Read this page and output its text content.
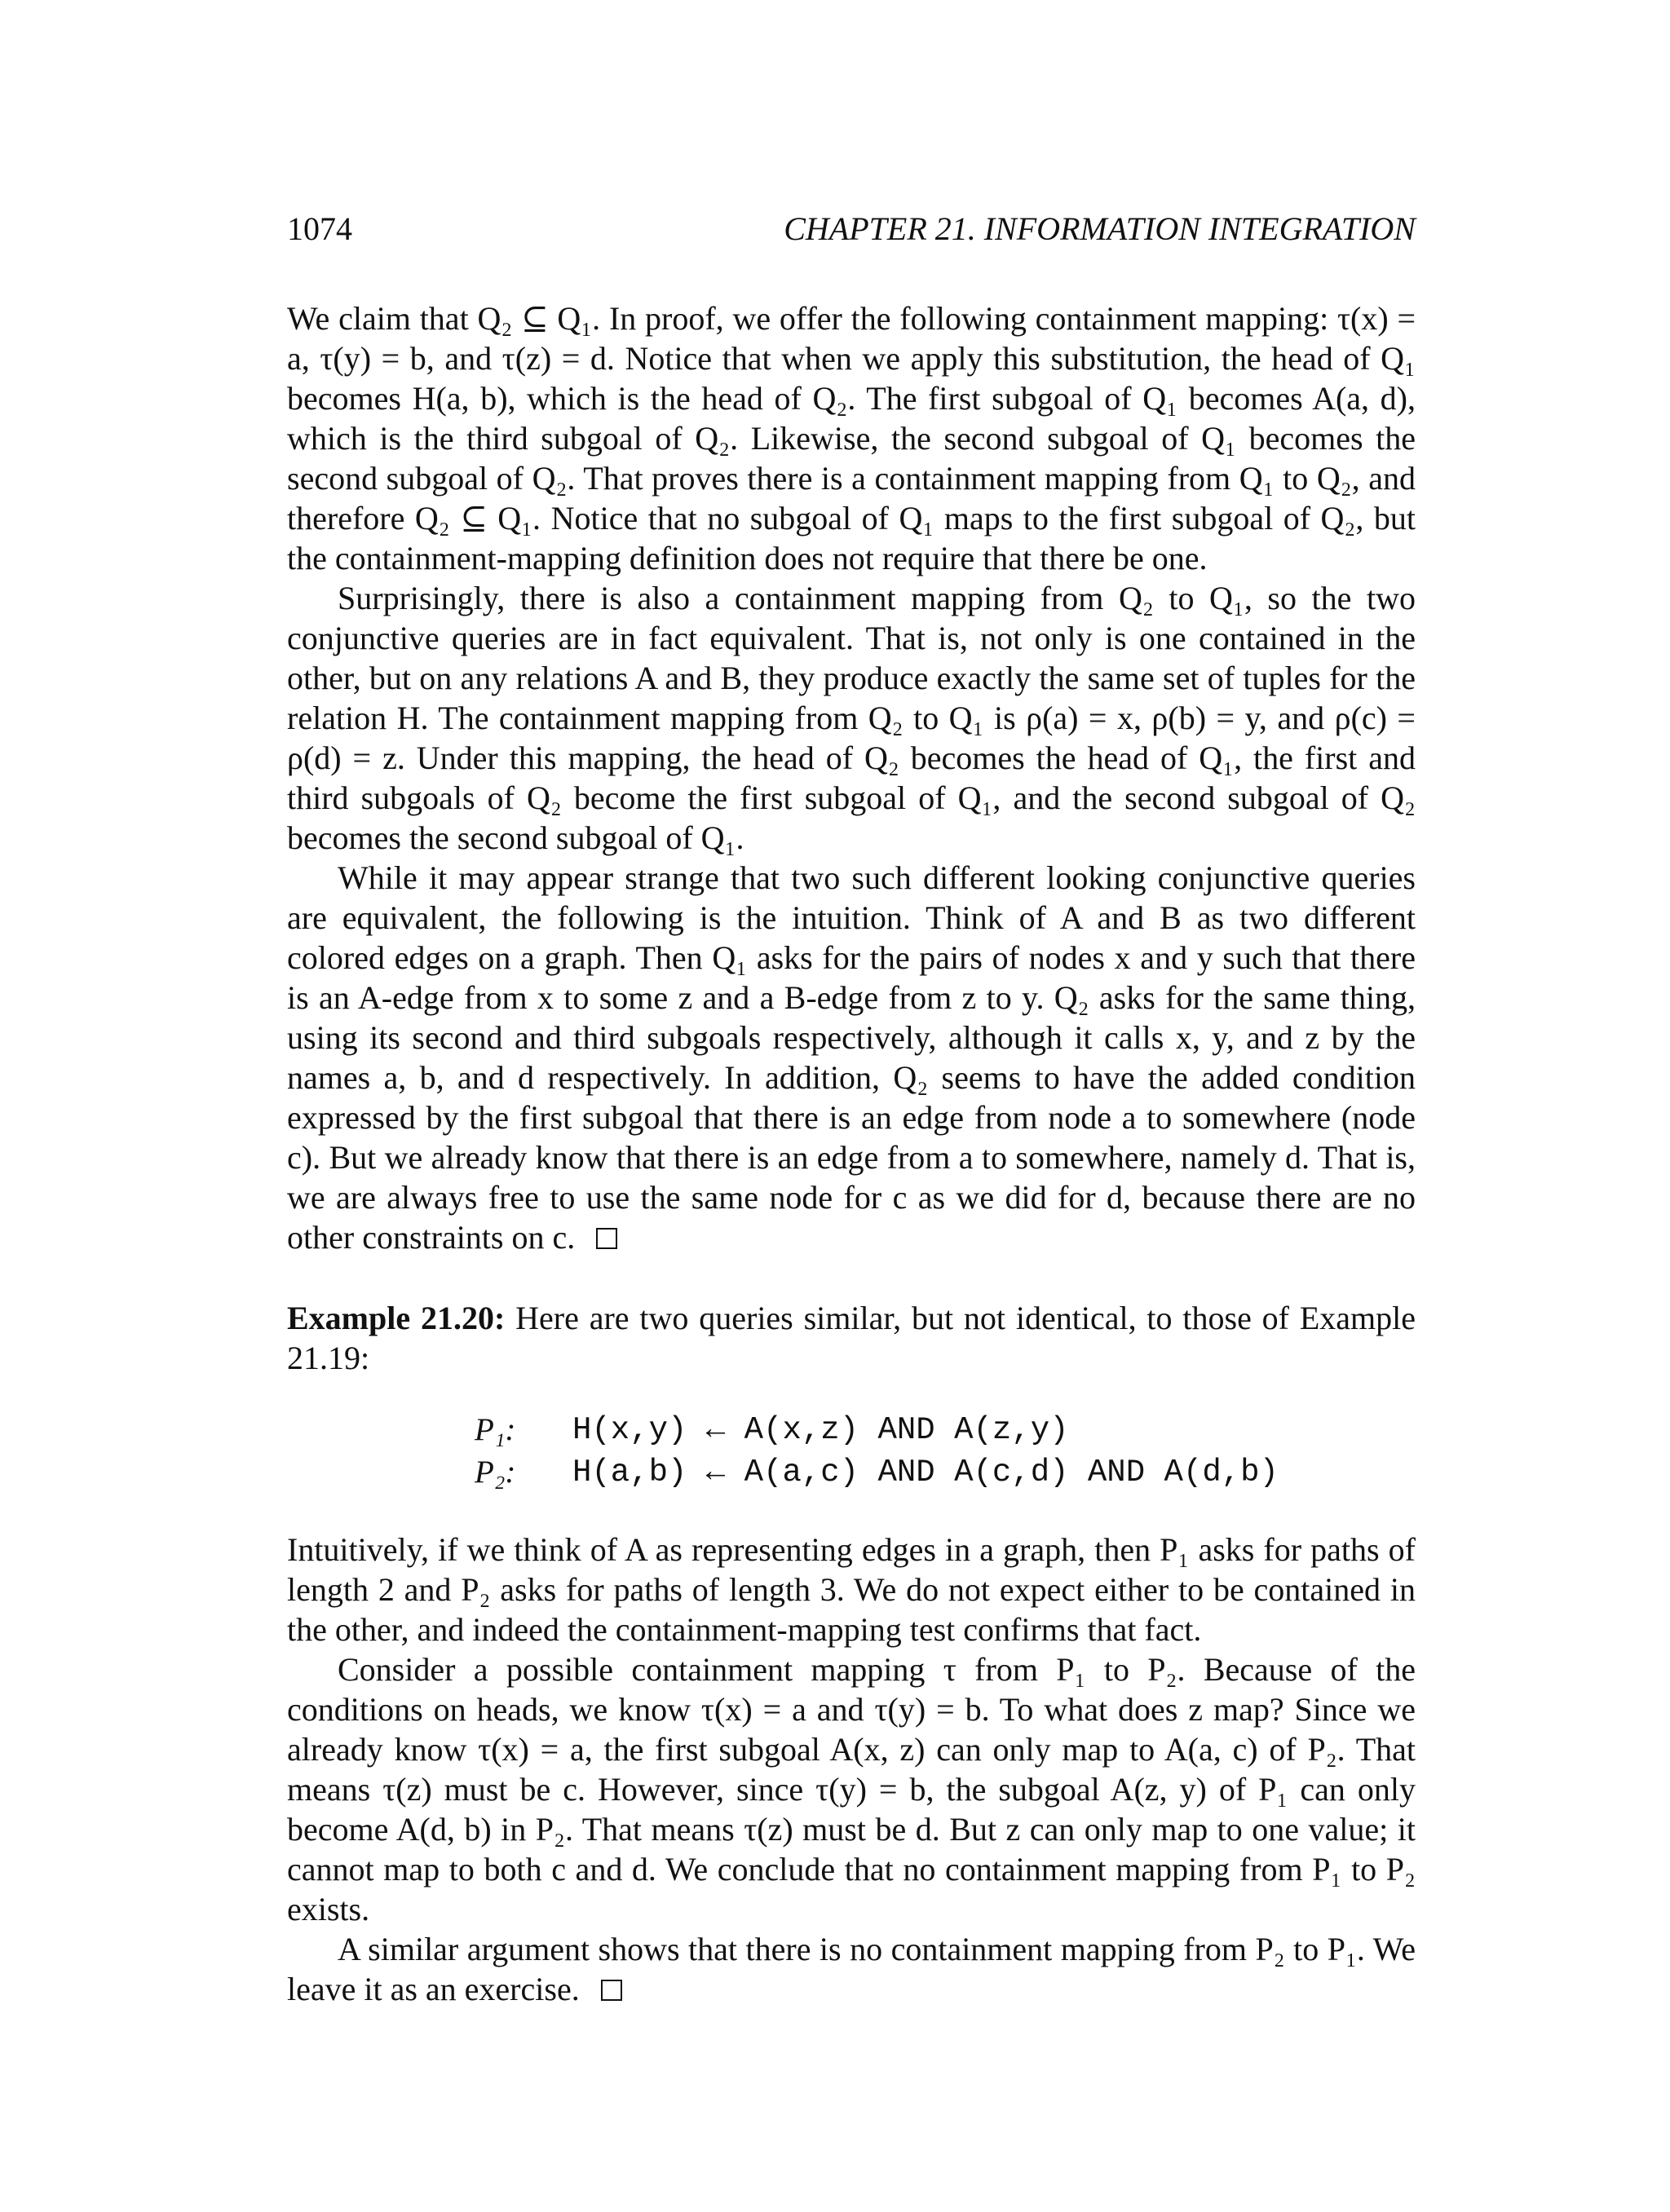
1074	CHAPTER 21. INFORMATION INTEGRATION

We claim that Q₂ ⊆ Q₁. In proof, we offer the following containment mapping: τ(x) = a, τ(y) = b, and τ(z) = d. Notice that when we apply this substitution, the head of Q₁ becomes H(a, b), which is the head of Q₂. The first subgoal of Q₁ becomes A(a, d), which is the third subgoal of Q₂. Likewise, the second subgoal of Q₁ becomes the second subgoal of Q₂. That proves there is a containment mapping from Q₁ to Q₂, and therefore Q₂ ⊆ Q₁. Notice that no subgoal of Q₁ maps to the first subgoal of Q₂, but the containment-mapping definition does not require that there be one.

Surprisingly, there is also a containment mapping from Q₂ to Q₁, so the two conjunctive queries are in fact equivalent. That is, not only is one contained in the other, but on any relations A and B, they produce exactly the same set of tuples for the relation H. The containment mapping from Q₂ to Q₁ is ρ(a) = x, ρ(b) = y, and ρ(c) = ρ(d) = z. Under this mapping, the head of Q₂ becomes the head of Q₁, the first and third subgoals of Q₂ become the first subgoal of Q₁, and the second subgoal of Q₂ becomes the second subgoal of Q₁.

While it may appear strange that two such different looking conjunctive queries are equivalent, the following is the intuition. Think of A and B as two different colored edges on a graph. Then Q₁ asks for the pairs of nodes x and y such that there is an A-edge from x to some z and a B-edge from z to y. Q₂ asks for the same thing, using its second and third subgoals respectively, although it calls x, y, and z by the names a, b, and d respectively. In addition, Q₂ seems to have the added condition expressed by the first subgoal that there is an edge from node a to somewhere (node c). But we already know that there is an edge from a to somewhere, namely d. That is, we are always free to use the same node for c as we did for d, because there are no other constraints on c.

Example 21.20: Here are two queries similar, but not identical, to those of Example 21.19:

P₁:	H(x,y) ← A(x,z) AND A(z,y)
P₂:	H(a,b) ← A(a,c) AND A(c,d) AND A(d,b)

Intuitively, if we think of A as representing edges in a graph, then P₁ asks for paths of length 2 and P₂ asks for paths of length 3. We do not expect either to be contained in the other, and indeed the containment-mapping test confirms that fact.

Consider a possible containment mapping τ from P₁ to P₂. Because of the conditions on heads, we know τ(x) = a and τ(y) = b. To what does z map? Since we already know τ(x) = a, the first subgoal A(x, z) can only map to A(a, c) of P₂. That means τ(z) must be c. However, since τ(y) = b, the subgoal A(z, y) of P₁ can only become A(d, b) in P₂. That means τ(z) must be d. But z can only map to one value; it cannot map to both c and d. We conclude that no containment mapping from P₁ to P₂ exists.

A similar argument shows that there is no containment mapping from P₂ to P₁. We leave it as an exercise.
